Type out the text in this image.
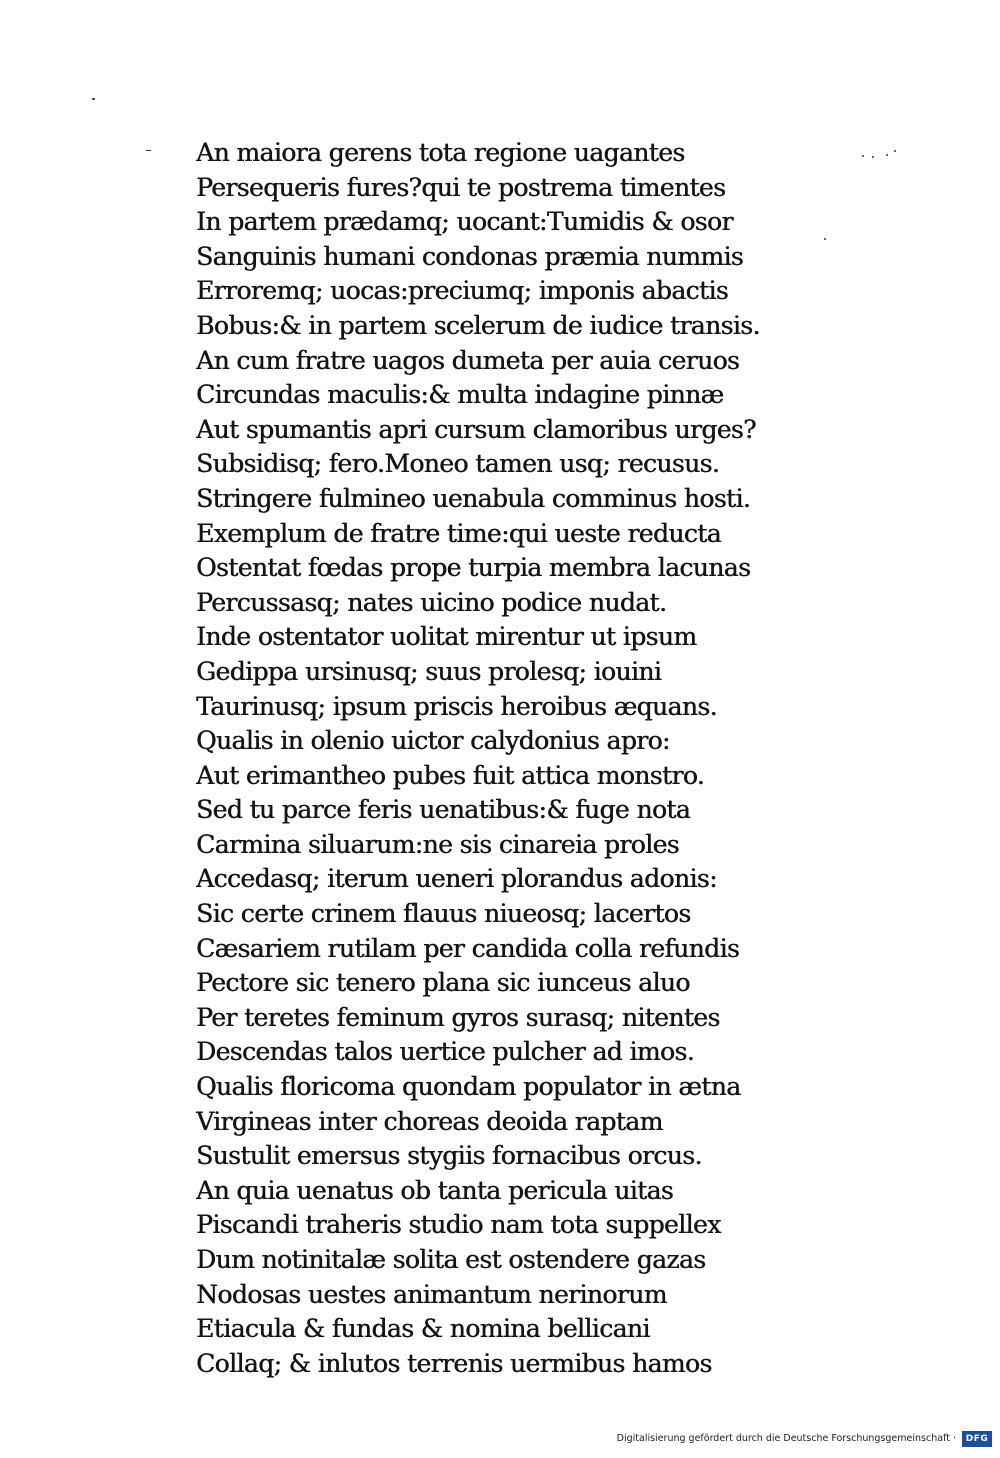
An maiora gerens tota regione uagantes
Persequeris fures?qui te postrema timentes
In partem prædamq; uocant:Tumidis & osor
Sanguinis humani condonas præmia nummis
Erroremq; uocas:preciumq; imponis abactis
Bobus:& in partem scelerum de iudice transis.
An cum fratre uagos dumeta per auia ceruos
Circundas maculis:& multa indagine pinnæ
Aut spumantis apri cursum clamoribus urges?
Subsidisq; fero.Moneo tamen usq; recusus.
Stringere fulmineo uenabula comminus hosti.
Exemplum de fratre time:qui ueste reducta
Ostentat fœdas prope turpia membra lacunas
Percussasq; nates uicino podice nudat.
Inde ostentator uolitat mirentur ut ipsum
Gedippa ursinusq; suus prolesq; iouini
Taurinusq; ipsum priscis heroibus æquans.
Qualis in olenio uictor calydonius apro:
Aut erimantheo pubes fuit attica monstro.
Sed tu parce feris uenatibus:& fuge nota
Carmina siluarum:ne sis cinareia proles
Accedasq; iterum ueneri plorandus adonis:
Sic certe crinem flauus niueosq; lacertos
Cæsariem rutilam per candida colla refundis
Pectore sic tenero plana sic iunceus aluo
Per teretes feminum gyros surasq; nitentes
Descendas talos uertice pulcher ad imos.
Qualis floricoma quondam populator in ætna
Virgineas inter choreas deoida raptam
Sustulit emersus stygiis fornacibus orcus.
An quia uenatus ob tanta pericula uitas
Piscandi traheris studio nam tota suppellex
Dum notinitalæ solita est ostendere gazas
Nodosas uestes animantum nerinorum
Etiacula & fundas & nomina bellicani
Collaq; & inlutos terrenis uermibus hamos
Digitalisierung gefördert durch die Deutsche Forschungsgemeinschaft ·	DFG
